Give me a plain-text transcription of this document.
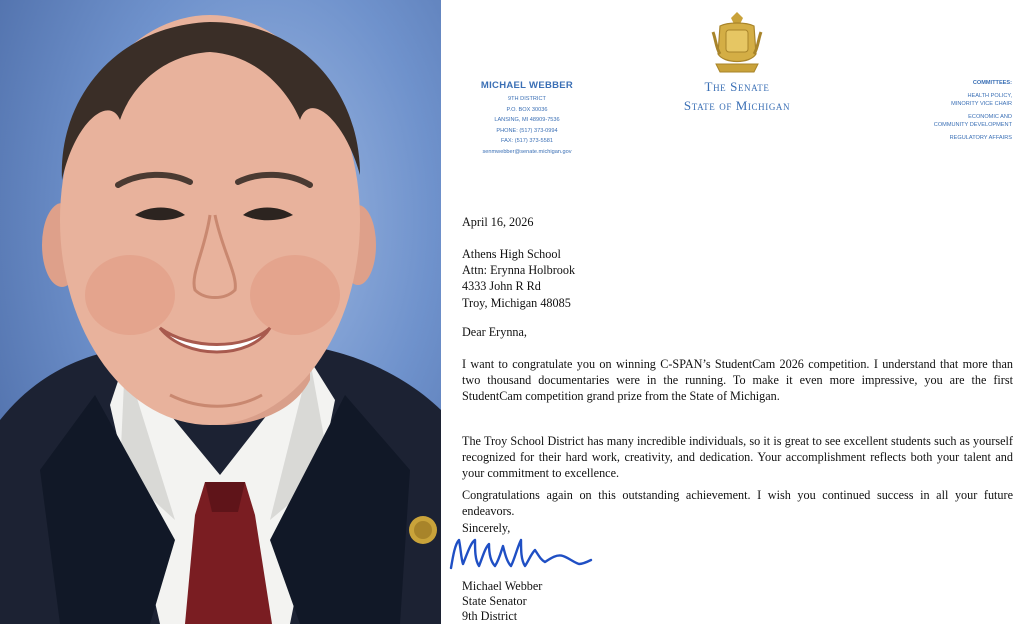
MICHAEL WEBBER
9TH DISTRICT
P.O. BOX 30036
LANSING, MI 48909-7536
PHONE: (517) 373-0994
FAX: (517) 373-5581
senmwebber@senate.michigan.gov
The Senate
State of Michigan
COMMITTEES:
HEALTH POLICY,
MINORITY VICE CHAIR
ECONOMIC AND
COMMUNITY DEVELOPMENT
REGULATORY AFFAIRS
April 16, 2026
Athens High School
Attn: Erynna Holbrook
4333 John R Rd
Troy, Michigan 48085
Dear Erynna,

I want to congratulate you on winning C-SPAN’s StudentCam 2026 competition. I understand that more than two thousand documentaries were in the running. To make it even more impressive, you are the first StudentCam competition grand prize from the State of Michigan.

The Troy School District has many incredible individuals, so it is great to see excellent students such as yourself recognized for their hard work, creativity, and dedication. Your accomplishment reflects both your talent and your commitment to excellence.

Congratulations again on this outstanding achievement. I wish you continued success in all your future endeavors.

Sincerely,
Michael Webber
State Senator
9th District
